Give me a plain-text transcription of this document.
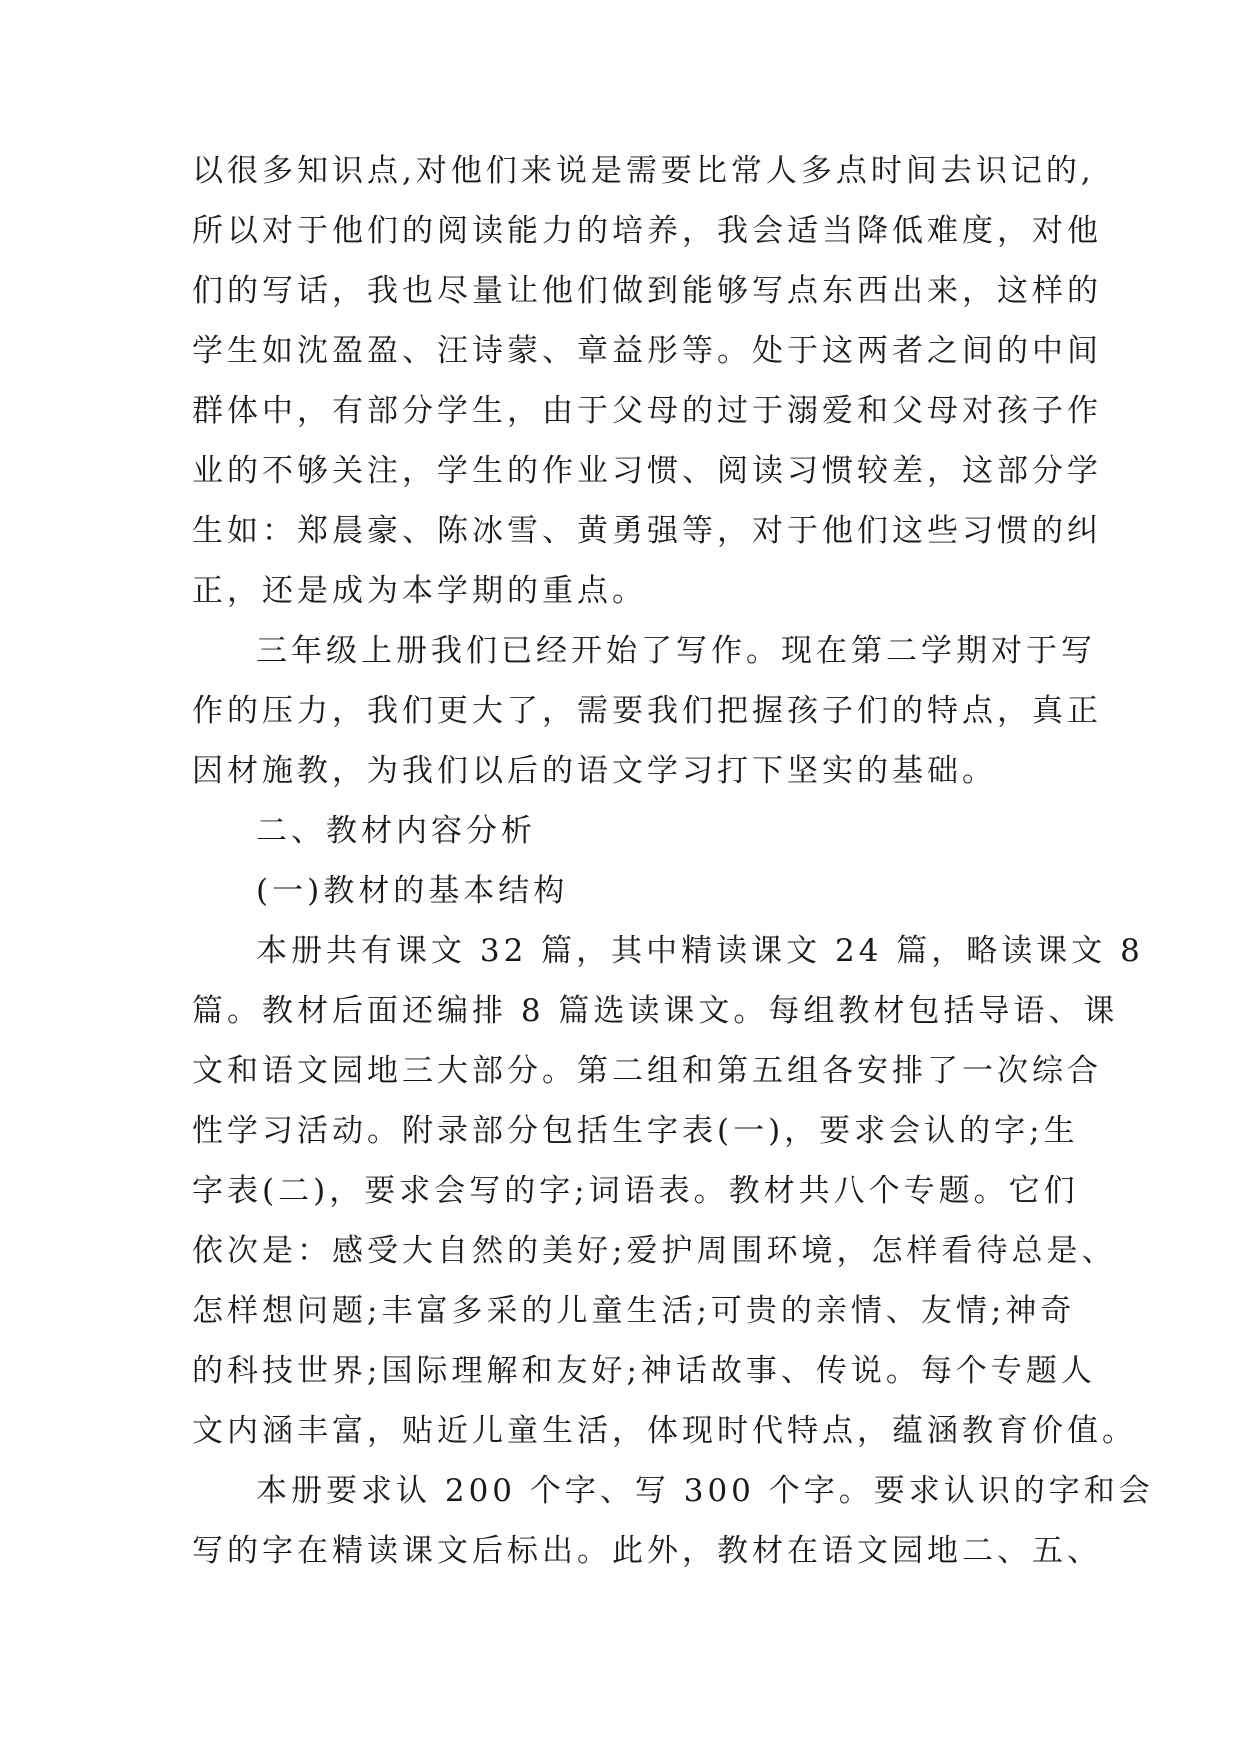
以很多知识点,对他们来说是需要比常人多点时间去识记的,
所以对于他们的阅读能力的培养，我会适当降低难度，对他
们的写话，我也尽量让他们做到能够写点东西出来，这样的
学生如沈盈盈、汪诗蒙、章益彤等。处于这两者之间的中间
群体中，有部分学生，由于父母的过于溺爱和父母对孩子作
业的不够关注，学生的作业习惯、阅读习惯较差，这部分学
生如：郑晨豪、陈冰雪、黄勇强等，对于他们这些习惯的纠
正，还是成为本学期的重点。
三年级上册我们已经开始了写作。现在第二学期对于写
作的压力，我们更大了，需要我们把握孩子们的特点，真正
因材施教，为我们以后的语文学习打下坚实的基础。
二、教材内容分析
(一)教材的基本结构
本册共有课文 32 篇，其中精读课文 24 篇，略读课文 8
篇。教材后面还编排 8 篇选读课文。每组教材包括导语、课
文和语文园地三大部分。第二组和第五组各安排了一次综合
性学习活动。附录部分包括生字表(一)，要求会认的字;生
字表(二)，要求会写的字;词语表。教材共八个专题。它们
依次是：感受大自然的美好;爱护周围环境，怎样看待总是、
怎样想问题;丰富多采的儿童生活;可贵的亲情、友情;神奇
的科技世界;国际理解和友好;神话故事、传说。每个专题人
文内涵丰富，贴近儿童生活，体现时代特点，蕴涵教育价值。
本册要求认 200 个字、写 300 个字。要求认识的字和会
写的字在精读课文后标出。此外，教材在语文园地二、五、
